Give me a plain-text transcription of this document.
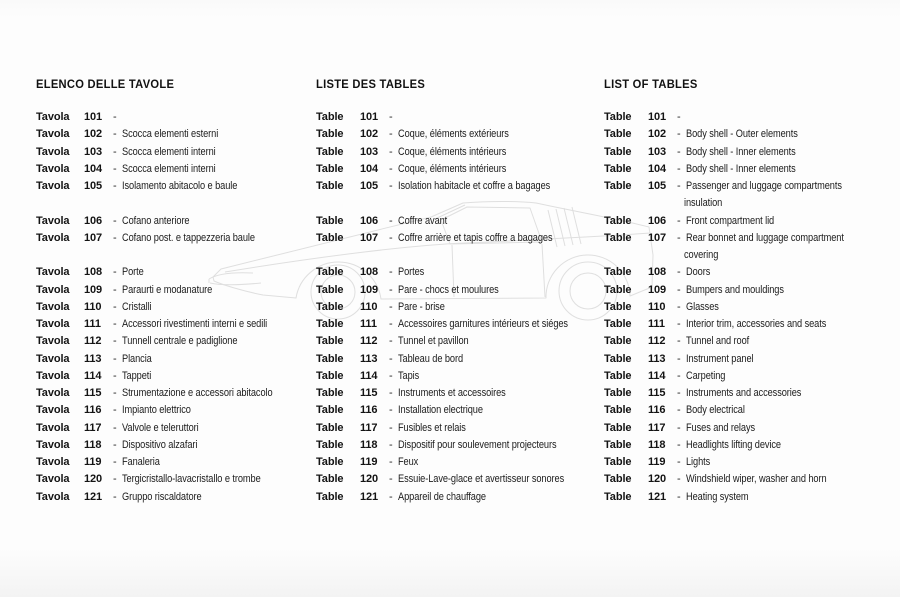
ELENCO DELLE TAVOLE
Tavola	101 -
Tavola	102 - Scocca elementi esterni
Tavola	103 - Scocca elementi interni
Tavola	104 - Scocca elementi interni
Tavola	105 - Isolamento abitacolo e baule
Tavola	106 - Cofano anteriore
Tavola	107 - Cofano post. e tappezzeria baule
Tavola	108 - Porte
Tavola	109 - Paraurti e modanature
Tavola	110	- Cristalli
Tavola	111	- Accessori rivestimenti interni e sedili
Tavola	112	- Tunnell centrale e padiglione
Tavola	113	- Plancia
Tavola	114	- Tappeti
Tavola	115	- Strumentazione e accessori abitacolo
Tavola	116	- Impianto elettrico
Tavola	117	- Valvole e teleruttori
Tavola	118	- Dispositivo alzafari
Tavola	119	- Fanaleria
Tavola	120 - Tergicristallo-lavacristallo e trombe
Tavola	121 - Gruppo riscaldatore
LISTE DES TABLES
Table	101 -
Table	102 - Coque, éléments extérieurs
Table	103 - Coque, éléments intérieurs
Table	104 - Coque, éléments intérieurs
Table	105 - Isolation habitacle et coffre a bagages
Table	106 - Coffre avant
Table	107 - Coffre arrière et tapis coffre a bagages
Table	108 - Portes
Table	109 - Pare - chocs et moulures
Table	110	- Pare - brise
Table	111	- Accessoires garnitures intérieurs et siéges
Table	112	- Tunnel et pavillon
Table	113	- Tableau de bord
Table	114	- Tapis
Table	115	- Instruments et accessoires
Table	116	- Installation electrique
Table	117	- Fusibles et relais
Table	118	- Dispositif pour soulevement projecteurs
Table	119	- Feux
Table	120 - Essuie-Lave-glace et avertisseur sonores
Table	121 - Appareil de chauffage
LIST OF TABLES
Table	101 -
Table	102 - Body shell - Outer elements
Table	103 - Body shell - Inner elements
Table	104 - Body shell - Inner elements
Table	105 - Passenger and luggage compartments
insulation
Table	106 - Front compartment lid
Table	107 - Rear bonnet and luggage compartment
covering
Table	108 - Doors
Table	109 - Bumpers and mouldings
Table	110	- Glasses
Table	111	- Interior trim, accessories and seats
Table	112	- Tunnel and roof
Table	113	- Instrument panel
Table	114	- Carpeting
Table	115	- Instruments and accessories
Table	116	- Body electrical
Table	117	- Fuses and relays
Table	118	- Headlights lifting device
Table	119	- Lights
Table	120 - Windshield wiper, washer and horn
Table	121 - Heating system
